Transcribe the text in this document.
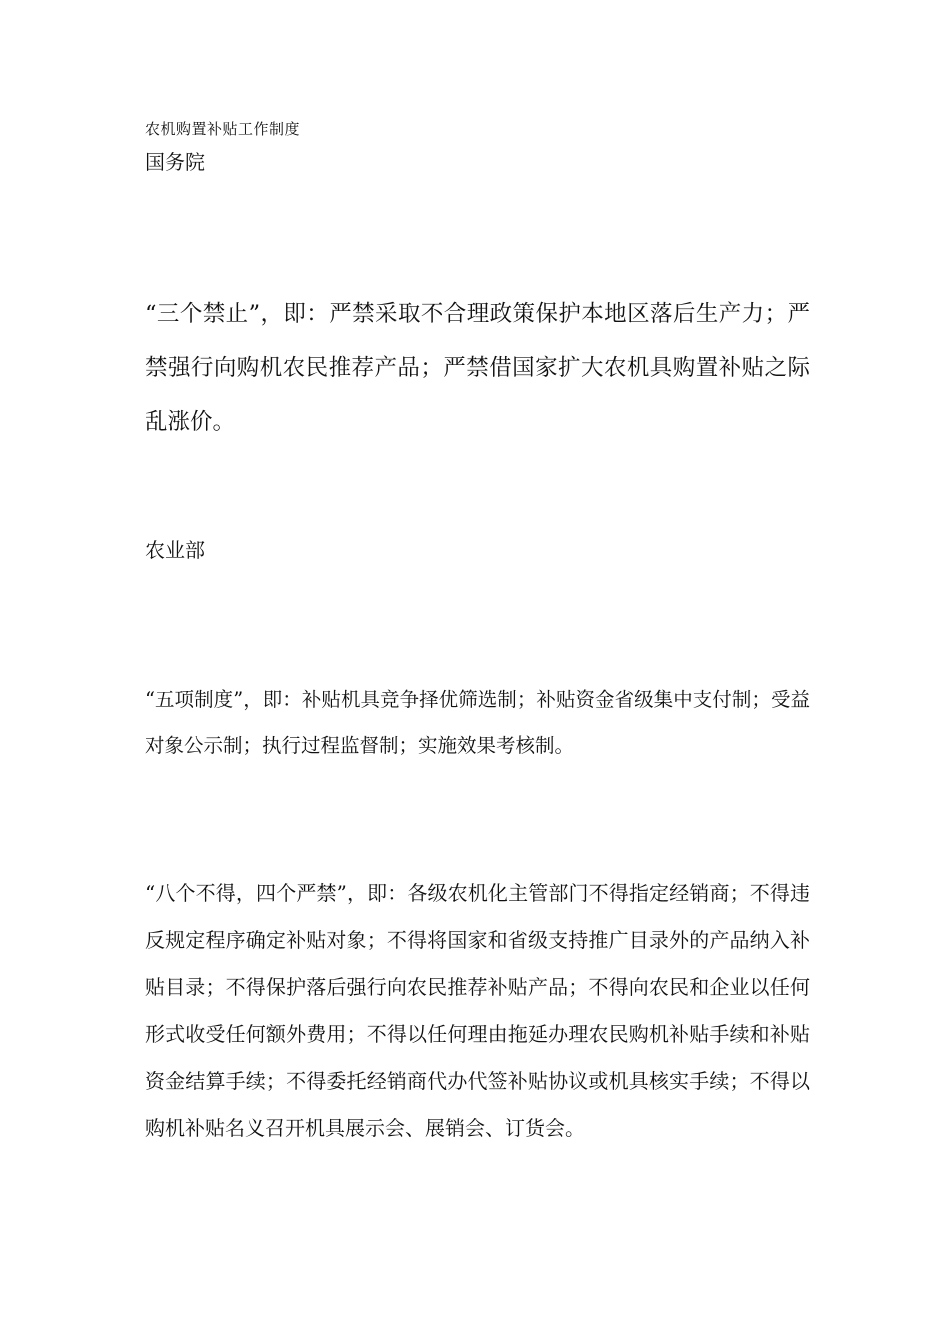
农机购置补贴工作制度
国务院

“三个禁止”，即：严禁采取不合理政策保护本地区落后生产力；严禁强行向购机农民推荐产品；严禁借国家扩大农机具购置补贴之际乱涨价。

农业部

“五项制度”，即：补贴机具竞争择优筛选制；补贴资金省级集中支付制；受益对象公示制；执行过程监督制；实施效果考核制。

“八个不得，四个严禁”，即：各级农机化主管部门不得指定经销商；不得违反规定程序确定补贴对象；不得将国家和省级支持推广目录外的产品纳入补贴目录；不得保护落后强行向农民推荐补贴产品；不得向农民和企业以任何形式收受任何额外费用；不得以任何理由拖延办理农民购机补贴手续和补贴资金结算手续；不得委托经销商代办代签补贴协议或机具核实手续；不得以购机补贴名义召开机具展示会、展销会、订货会。
